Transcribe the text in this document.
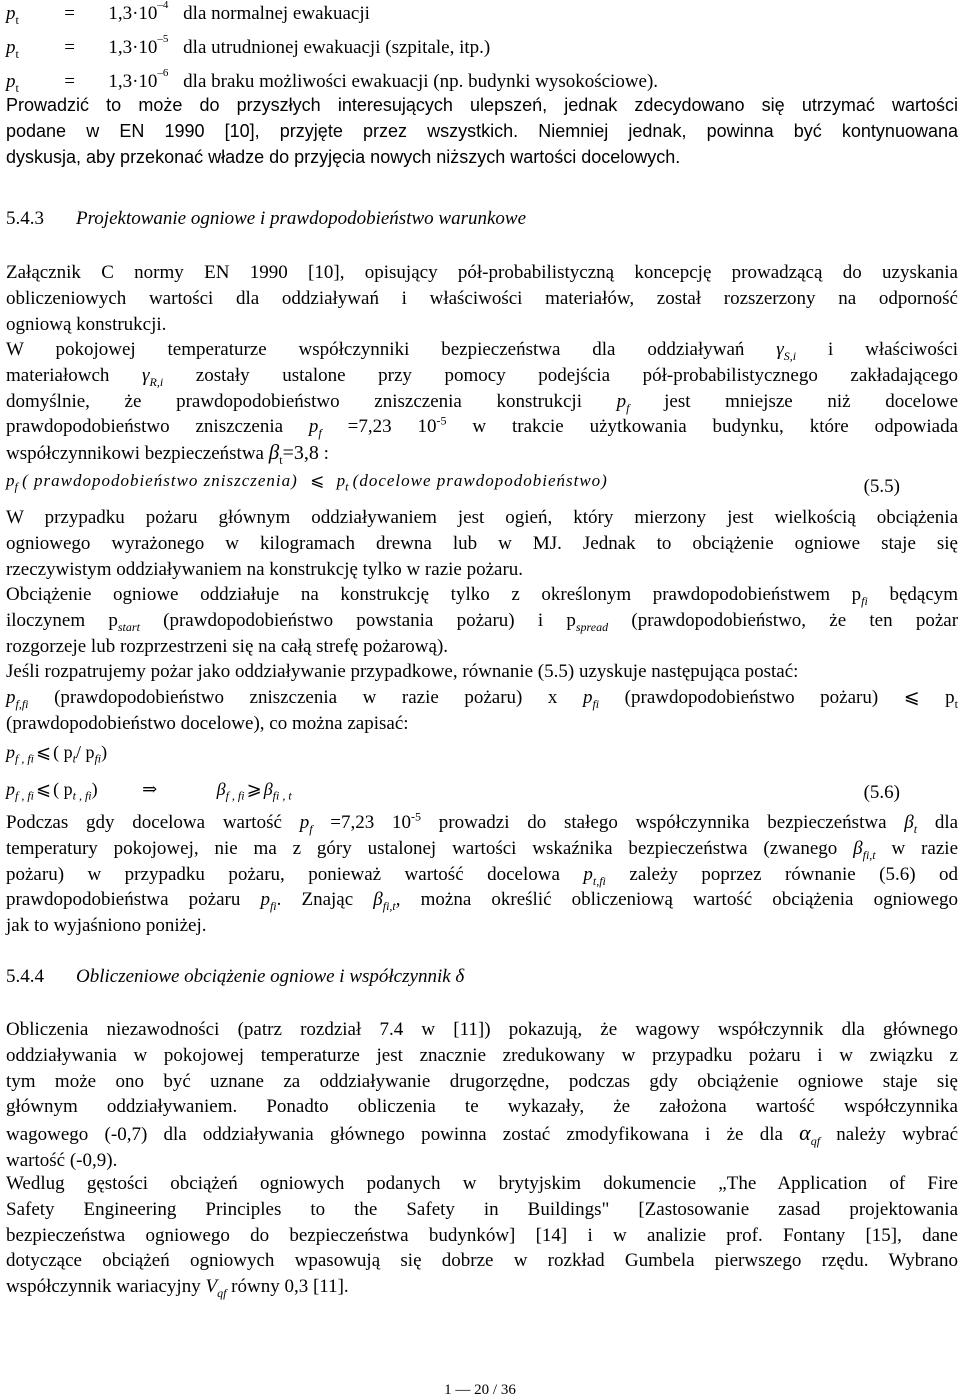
$p_t = 1,3\cdot 10^{-4}$ dla normalnej ewakuacji
$p_t = 1,3\cdot 10^{-5}$ dla utrudnionej ewakuacji (szpitale, itp.)
$p_t = 1,3\cdot 10^{-6}$ dla braku możliwości ewakuacji (np. budynki wysokościowe).
Prowadzić to może do przyszłych interesujących ulepszeń, jednak zdecydowano się utrzymać wartości
podane w EN 1990 [10], przyjęte przez wszystkich. Niemniej jednak, powinna być kontynuowana
dyskusja, aby przekonać władze do przyjęcia nowych niższych wartości docelowych.
5.4.3 Projektowanie ogniowe i prawdopodobieństwo warunkowe
Załącznik C normy EN 1990 [10], opisujący pół-probabilistyczną koncepcję prowadzącą do uzyskania
obliczeniowych wartości dla oddziaływań i właściwości materiałów, został rozszerzony na odporność
ogniową konstrukcji.
W pokojowej temperaturze współczynniki bezpieczeństwa dla oddziaływań $\gamma_{S,i}$ i właściwości
materiałowch $\gamma_{R,i}$ zostały ustalone przy pomocy podejścia pół-probabilistycznego zakładającego
domyślnie, że prawdopodobieństwo zniszczenia konstrukcji $p_f$ jest mniejsze niż docelowe
prawdopodobieństwo zniszczenia $p_f =7,23$ $10^{-5}$ w trakcie użytkowania budynku, które odpowiada
współczynnikowi bezpieczeństwa $\beta_t=3,8$ :
$p_f$ ( prawdopodobieństwo zniszczenia) ⩽ $p_t$ (docelowe prawdopodobieństwo)	(5.5)
W przypadku pożaru głównym oddziaływaniem jest ogień, który mierzony jest wielkością obciążenia
ogniowego wyrażonego w kilogramach drewna lub w MJ. Jednak to obciążenie ogniowe staje się
rzeczywistym oddziaływaniem na konstrukcję tylko w razie pożaru.
Obciążenie ogniowe oddziałuje na konstrukcję tylko z określonym prawdopodobieństwem $p_{fi}$ będącym
iloczynem $p_{start}$ (prawdopodobieństwo powstania pożaru) i $p_{spread}$ (prawdopodobieństwo, że ten pożar
rozgorzeje lub rozprzestrzeni się na całą strefę pożarową).
Jeśli rozpatrujemy pożar jako oddziaływanie przypadkowe, równanie (5.5) uzyskuje następująca postać:
$p_{f,fi}$ (prawdopodobieństwo zniszczenia w razie pożaru) x $p_{fi}$ (prawdopodobieństwo pożaru) ⩽ $p_t$
(prawdopodobieństwo docelowe), co można zapisać:
$p_{f , fi}$ ⩽ ( $p_t/$ $p_{fi}$)
$p_{f , fi}$ ⩽ ( $p_{t , fi}$) ⇒	$\beta_{f , fi}$ ⩾ $\beta_{fi , t}$	(5.6)
Podczas gdy docelowa wartość $p_f =7,23$ $10^{-5}$ prowadzi do stałego współczynnika bezpieczeństwa $\beta_t$ dla
temperatury pokojowej, nie ma z góry ustalonej wartości wskaźnika bezpieczeństwa (zwanego $\beta_{fi,t}$ w razie
pożaru) w przypadku pożaru, ponieważ wartość docelowa $p_{t,fi}$ zależy poprzez równanie (5.6) od
prawdopodobieństwa pożaru $p_{fi}$. Znając $\beta_{fi,t}$, można określić obliczeniową wartość obciążenia ogniowego
jak to wyjaśniono poniżej.
5.4.4 Obliczeniowe obciążenie ogniowe i współczynnik δ
Obliczenia niezawodności (patrz rozdział 7.4 w [11]) pokazują, że wagowy współczynnik dla głównego
oddziaływania w pokojowej temperaturze jest znacznie zredukowany w przypadku pożaru i w związku z
tym może ono być uznane za oddziaływanie drugorzędne, podczas gdy obciążenie ogniowe staje się
głównym oddziaływaniem. Ponadto obliczenia te wykazały, że założona wartość współczynnika
wagowego (-0,7) dla oddziaływania głównego powinna zostać zmodyfikowana i że dla $\alpha_{qf}$ należy wybrać
wartość (-0,9).
Wedlug gęstości obciążeń ogniowych podanych w brytyjskim dokumencie „The Application of Fire
Safety Engineering Principles to the Safety in Buildings" [Zastosowanie zasad projektowania
bezpieczeństwa ogniowego do bezpieczeństwa budynków] [14] i w analizie prof. Fontany [15], dane
dotyczące obciążeń ogniowych wpasowują się dobrze w rozkład Gumbela pierwszego rzędu. Wybrano
współczynnik wariacyjny $V_{qf}$ równy 0,3 [11].
1 — 20 / 36
